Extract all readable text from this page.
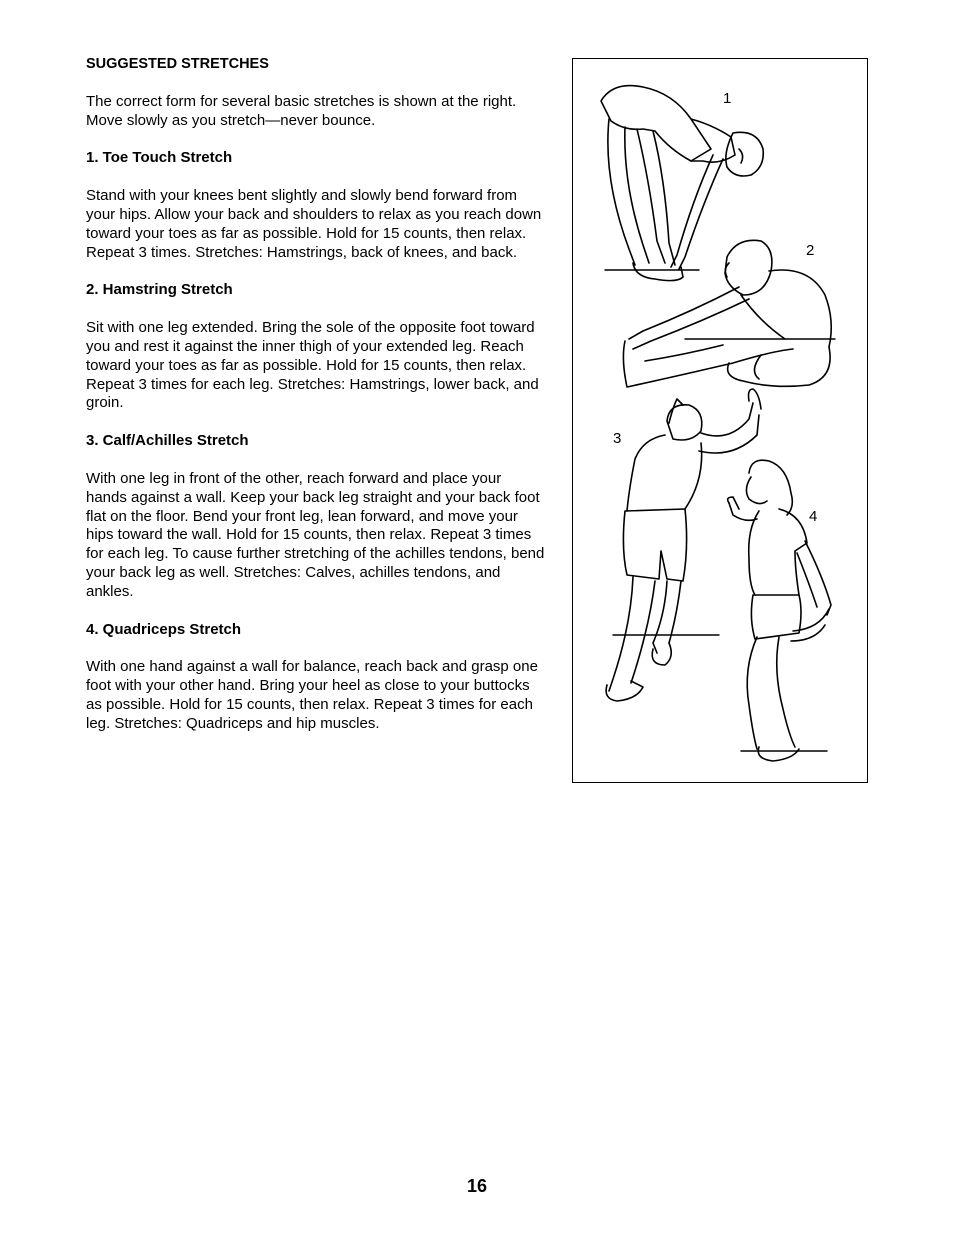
SUGGESTED STRETCHES

The correct form for several basic stretches is shown at the right. Move slowly as you stretch—never bounce.

1. Toe Touch Stretch

Stand with your knees bent slightly and slowly bend forward from your hips. Allow your back and shoulders to relax as you reach down toward your toes as far as possible. Hold for 15 counts, then relax. Repeat 3 times. Stretches: Hamstrings, back of knees, and back.

2. Hamstring Stretch

Sit with one leg extended. Bring the sole of the opposite foot toward you and rest it against the inner thigh of your extended leg. Reach toward your toes as far as possible. Hold for 15 counts, then relax. Repeat 3 times for each leg. Stretches: Hamstrings, lower back, and groin.

3. Calf/Achilles Stretch

With one leg in front of the other, reach forward and place your hands against a wall. Keep your back leg straight and your back foot flat on the floor. Bend your front leg, lean forward, and move your hips toward the wall. Hold for 15 counts, then relax. Repeat 3 times for each leg. To cause further stretching of the achilles tendons, bend your back leg as well. Stretches: Calves, achilles tendons, and ankles.

4. Quadriceps Stretch

With one hand against a wall for balance, reach back and grasp one foot with your other hand. Bring your heel as close to your buttocks as possible. Hold for 15 counts, then relax. Repeat 3 times for each leg. Stretches: Quadriceps and hip muscles.

1
2
3
4
16
